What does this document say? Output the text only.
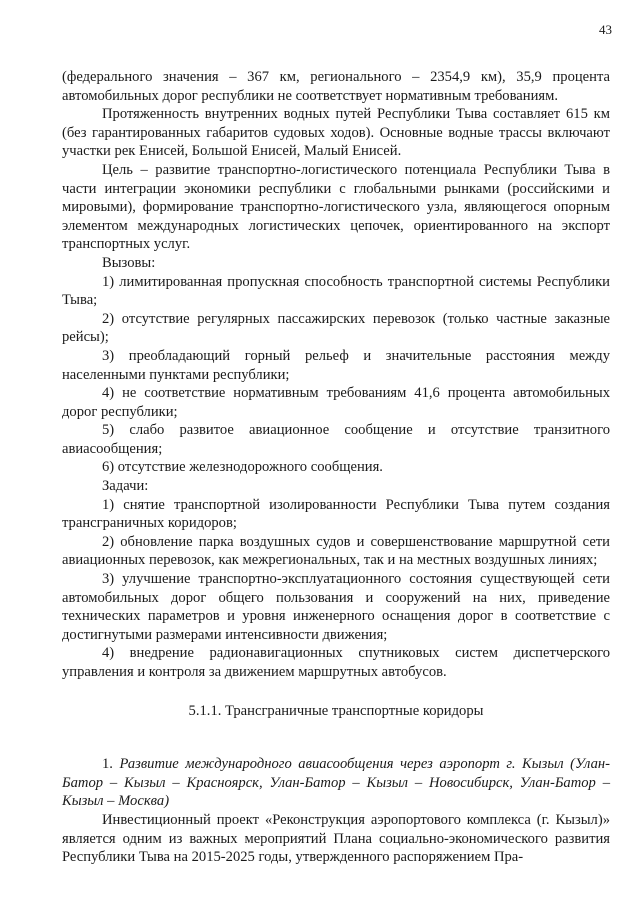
43

(федерального значения – 367 км, регионального – 2354,9 км), 35,9 процента автомобильных дорог республики не соответствует нормативным требованиям.

Протяженность внутренних водных путей Республики Тыва составляет 615 км (без гарантированных габаритов судовых ходов). Основные водные трассы включают участки рек Енисей, Большой Енисей, Малый Енисей.

Цель – развитие транспортно-логистического потенциала Республики Тыва в части интеграции экономики республики с глобальными рынками (российскими и мировыми), формирование транспортно-логистического узла, являющегося опорным элементом международных логистических цепочек, ориентированного на экспорт транспортных услуг.

Вызовы:

1) лимитированная пропускная способность транспортной системы Республики Тыва;

2) отсутствие регулярных пассажирских перевозок (только частные заказные рейсы);

3) преобладающий горный рельеф и значительные расстояния между населенными пунктами республики;

4) не соответствие нормативным требованиям 41,6 процента автомобильных дорог республики;

5) слабо развитое авиационное сообщение и отсутствие транзитного авиасообщения;

6) отсутствие железнодорожного сообщения.

Задачи:

1) снятие транспортной изолированности Республики Тыва путем создания трансграничных коридоров;

2) обновление парка воздушных судов и совершенствование маршрутной сети авиационных перевозок, как межрегиональных, так и на местных воздушных линиях;

3) улучшение транспортно-эксплуатационного состояния существующей сети автомобильных дорог общего пользования и сооружений на них, приведение технических параметров и уровня инженерного оснащения дорог в соответствие с достигнутыми размерами интенсивности движения;

4) внедрение радионавигационных спутниковых систем диспетчерского управления и контроля за движением маршрутных автобусов.

5.1.1. Трансграничные транспортные коридоры

1. Развитие международного авиасообщения через аэропорт г. Кызыл (Улан-Батор – Кызыл – Красноярск, Улан-Батор – Кызыл – Новосибирск, Улан-Батор – Кызыл – Москва)

Инвестиционный проект «Реконструкция аэропортового комплекса (г. Кызыл)» является одним из важных мероприятий Плана социально-экономического развития Республики Тыва на 2015-2025 годы, утвержденного распоряжением Пра-
